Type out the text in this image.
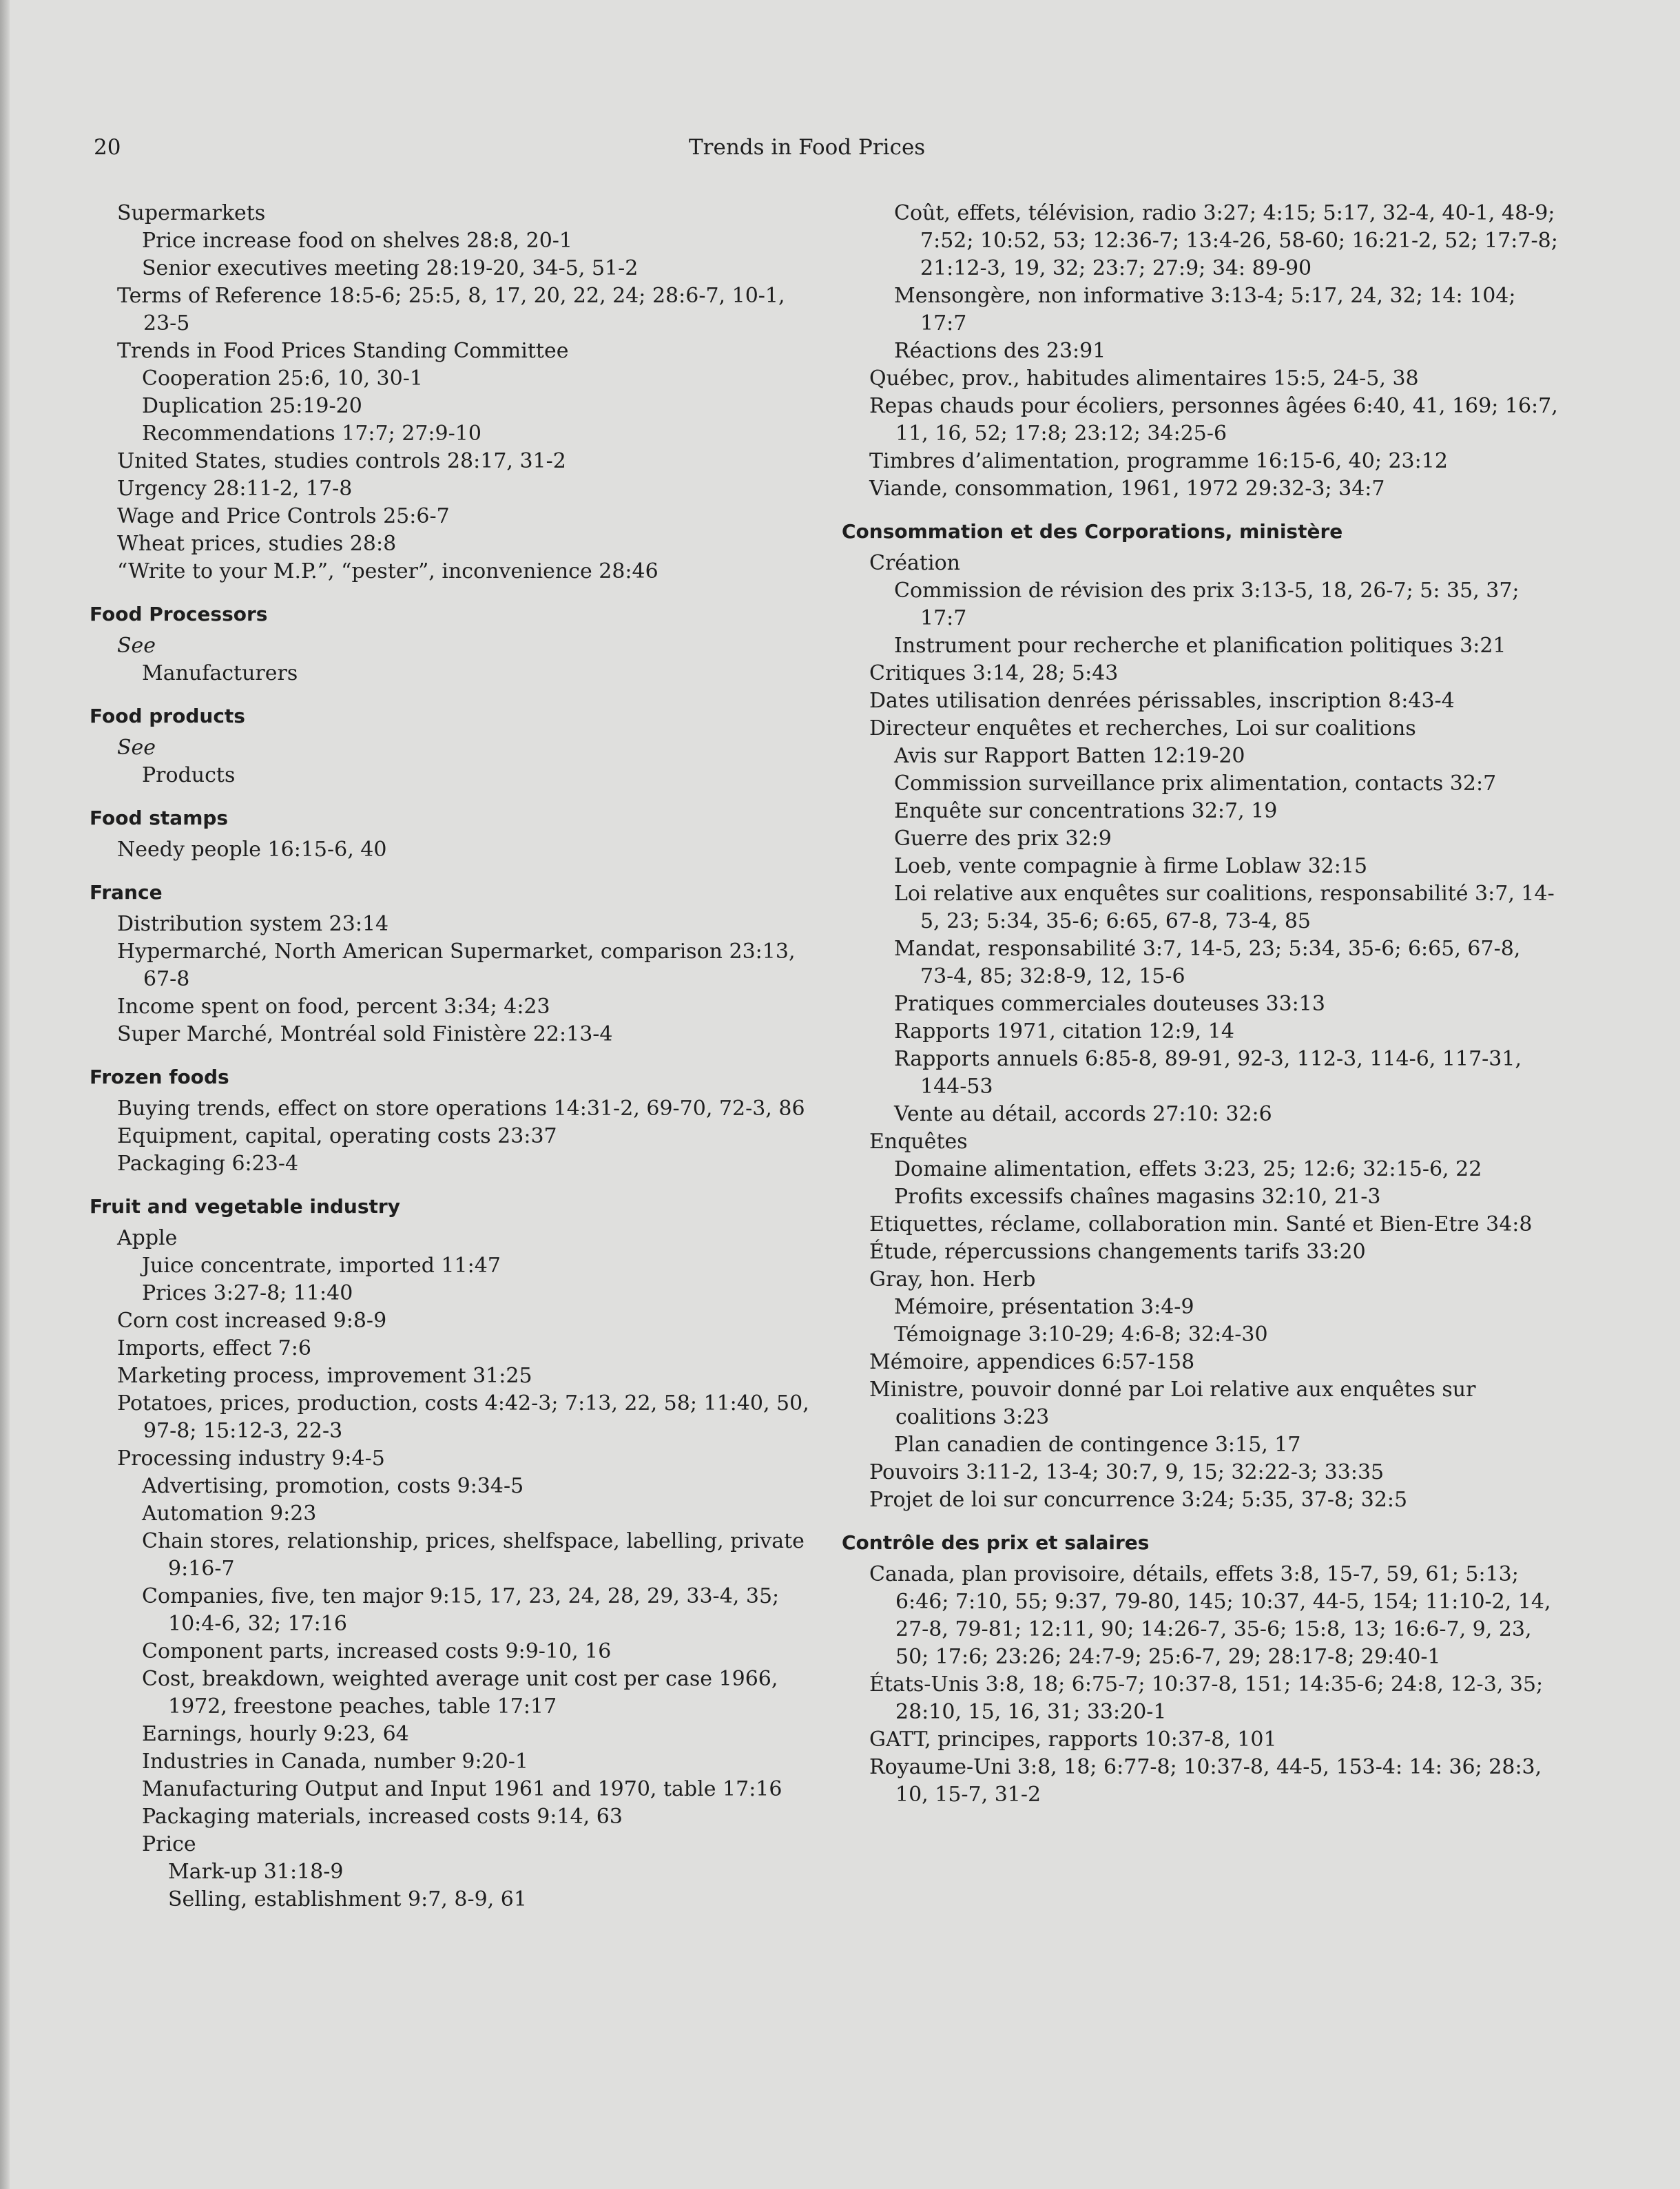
20	Trends in Food Prices
Supermarkets
Price increase food on shelves 28:8, 20-1
Senior executives meeting 28:19-20, 34-5, 51-2
Terms of Reference 18:5-6; 25:5, 8, 17, 20, 22, 24; 28:6-7, 10-1, 23-5
Trends in Food Prices Standing Committee
Cooperation 25:6, 10, 30-1
Duplication 25:19-20
Recommendations 17:7; 27:9-10
United States, studies controls 28:17, 31-2
Urgency 28:11-2, 17-8
Wage and Price Controls 25:6-7
Wheat prices, studies 28:8
“Write to your M.P.”, “pester”, inconvenience 28:46
Food Processors
See
Manufacturers
Food products
See
Products
Food stamps
Needy people 16:15-6, 40
France
Distribution system 23:14
Hypermarché, North American Supermarket, comparison 23:13, 67-8
Income spent on food, percent 3:34; 4:23
Super Marché, Montréal sold Finistère 22:13-4
Frozen foods
Buying trends, effect on store operations 14:31-2, 69-70, 72-3, 86
Equipment, capital, operating costs 23:37
Packaging 6:23-4
Fruit and vegetable industry
Apple
Juice concentrate, imported 11:47
Prices 3:27-8; 11:40
Corn cost increased 9:8-9
Imports, effect 7:6
Marketing process, improvement 31:25
Potatoes, prices, production, costs 4:42-3; 7:13, 22, 58; 11:40, 50, 97-8; 15:12-3, 22-3
Processing industry 9:4-5
Advertising, promotion, costs 9:34-5
Automation 9:23
Chain stores, relationship, prices, shelfspace, labelling, private 9:16-7
Companies, five, ten major 9:15, 17, 23, 24, 28, 29, 33-4, 35; 10:4-6, 32; 17:16
Component parts, increased costs 9:9-10, 16
Cost, breakdown, weighted average unit cost per case 1966, 1972, freestone peaches, table 17:17
Earnings, hourly 9:23, 64
Industries in Canada, number 9:20-1
Manufacturing Output and Input 1961 and 1970, table 17:16
Packaging materials, increased costs 9:14, 63
Price
Mark-up 31:18-9
Selling, establishment 9:7, 8-9, 61
Coût, effets, télévision, radio 3:27; 4:15; 5:17, 32-4, 40-1, 48-9; 7:52; 10:52, 53; 12:36-7; 13:4-26, 58-60; 16:21-2, 52; 17:7-8; 21:12-3, 19, 32; 23:7; 27:9; 34: 89-90
Mensongère, non informative 3:13-4; 5:17, 24, 32; 14: 104; 17:7
Réactions des 23:91
Québec, prov., habitudes alimentaires 15:5, 24-5, 38
Repas chauds pour écoliers, personnes âgées 6:40, 41, 169; 16:7, 11, 16, 52; 17:8; 23:12; 34:25-6
Timbres d’alimentation, programme 16:15-6, 40; 23:12
Viande, consommation, 1961, 1972 29:32-3; 34:7
Consommation et des Corporations, ministère
Création
Commission de révision des prix 3:13-5, 18, 26-7; 5: 35, 37; 17:7
Instrument pour recherche et planification politiques 3:21
Critiques 3:14, 28; 5:43
Dates utilisation denrées périssables, inscription 8:43-4
Directeur enquêtes et recherches, Loi sur coalitions
Avis sur Rapport Batten 12:19-20
Commission surveillance prix alimentation, contacts 32:7
Enquête sur concentrations 32:7, 19
Guerre des prix 32:9
Loeb, vente compagnie à firme Loblaw 32:15
Loi relative aux enquêtes sur coalitions, responsabilité 3:7, 14-5, 23; 5:34, 35-6; 6:65, 67-8, 73-4, 85
Mandat, responsabilité 3:7, 14-5, 23; 5:34, 35-6; 6:65, 67-8, 73-4, 85; 32:8-9, 12, 15-6
Pratiques commerciales douteuses 33:13
Rapports 1971, citation 12:9, 14
Rapports annuels 6:85-8, 89-91, 92-3, 112-3, 114-6, 117-31, 144-53
Vente au détail, accords 27:10: 32:6
Enquêtes
Domaine alimentation, effets 3:23, 25; 12:6; 32:15-6, 22
Profits excessifs chaînes magasins 32:10, 21-3
Etiquettes, réclame, collaboration min. Santé et Bien-Etre 34:8
Étude, répercussions changements tarifs 33:20
Gray, hon. Herb
Mémoire, présentation 3:4-9
Témoignage 3:10-29; 4:6-8; 32:4-30
Mémoire, appendices 6:57-158
Ministre, pouvoir donné par Loi relative aux enquêtes sur coalitions 3:23
Plan canadien de contingence 3:15, 17
Pouvoirs 3:11-2, 13-4; 30:7, 9, 15; 32:22-3; 33:35
Projet de loi sur concurrence 3:24; 5:35, 37-8; 32:5
Contrôle des prix et salaires
Canada, plan provisoire, détails, effets 3:8, 15-7, 59, 61; 5:13; 6:46; 7:10, 55; 9:37, 79-80, 145; 10:37, 44-5, 154; 11:10-2, 14, 27-8, 79-81; 12:11, 90; 14:26-7, 35-6; 15:8, 13; 16:6-7, 9, 23, 50; 17:6; 23:26; 24:7-9; 25:6-7, 29; 28:17-8; 29:40-1
États-Unis 3:8, 18; 6:75-7; 10:37-8, 151; 14:35-6; 24:8, 12-3, 35; 28:10, 15, 16, 31; 33:20-1
GATT, principes, rapports 10:37-8, 101
Royaume-Uni 3:8, 18; 6:77-8; 10:37-8, 44-5, 153-4: 14: 36; 28:3, 10, 15-7, 31-2
